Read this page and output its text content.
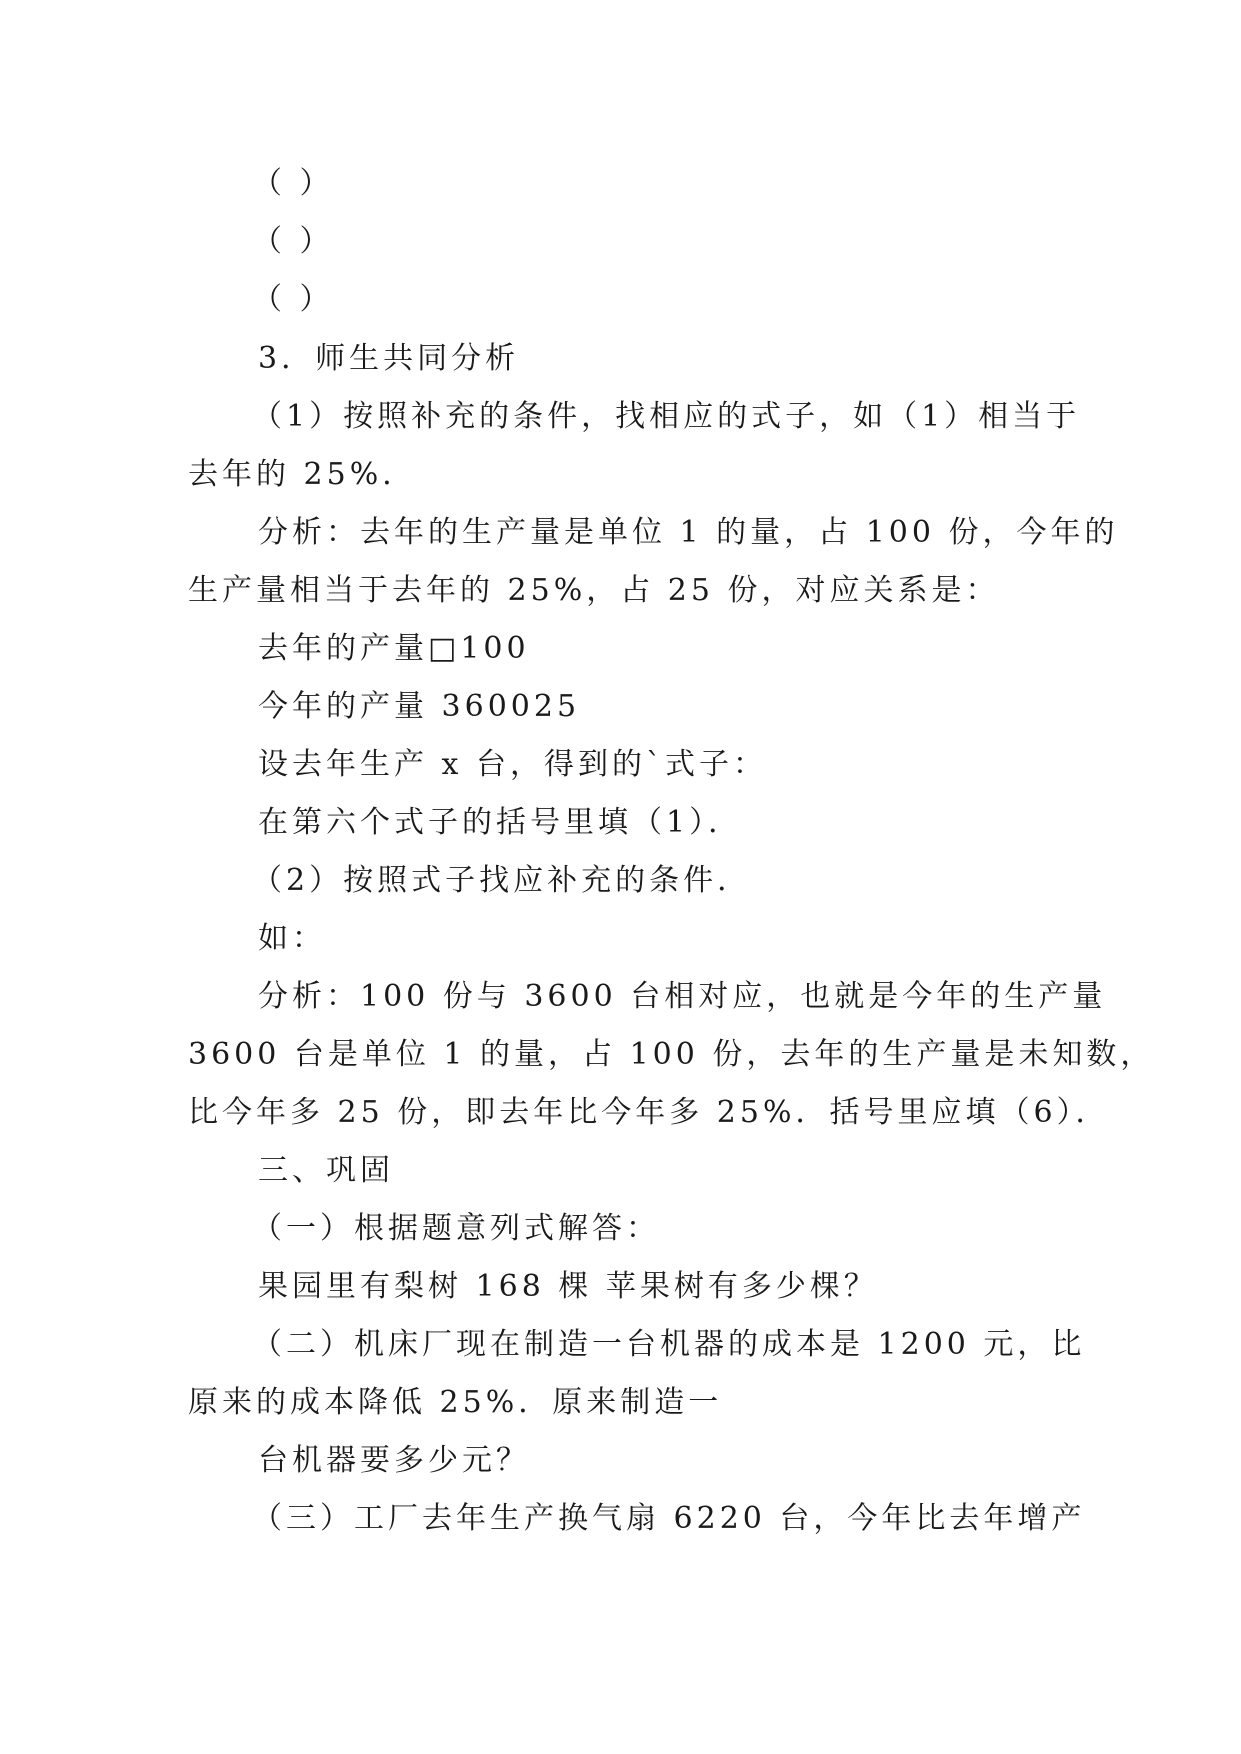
（ ）
（ ）
（ ）
3．师生共同分析
（1）按照补充的条件，找相应的式子，如（1）相当于
去年的 25%．
分析：去年的生产量是单位 1 的量，占 100 份，今年的
生产量相当于去年的 25%，占 25 份，对应关系是：
去年的产量□100
今年的产量 360025
设去年生产 x 台，得到的`式子：
在第六个式子的括号里填（1）．
（2）按照式子找应补充的条件．
如：
分析：100 份与 3600 台相对应，也就是今年的生产量
3600 台是单位 1 的量，占 100 份，去年的生产量是未知数，
比今年多 25 份，即去年比今年多 25%．括号里应填（6）．
三、巩固
（一）根据题意列式解答：
果园里有梨树 168 棵 苹果树有多少棵？
（二）机床厂现在制造一台机器的成本是 1200 元，比
原来的成本降低 25%．原来制造一
台机器要多少元？
（三）工厂去年生产换气扇 6220 台，今年比去年增产
